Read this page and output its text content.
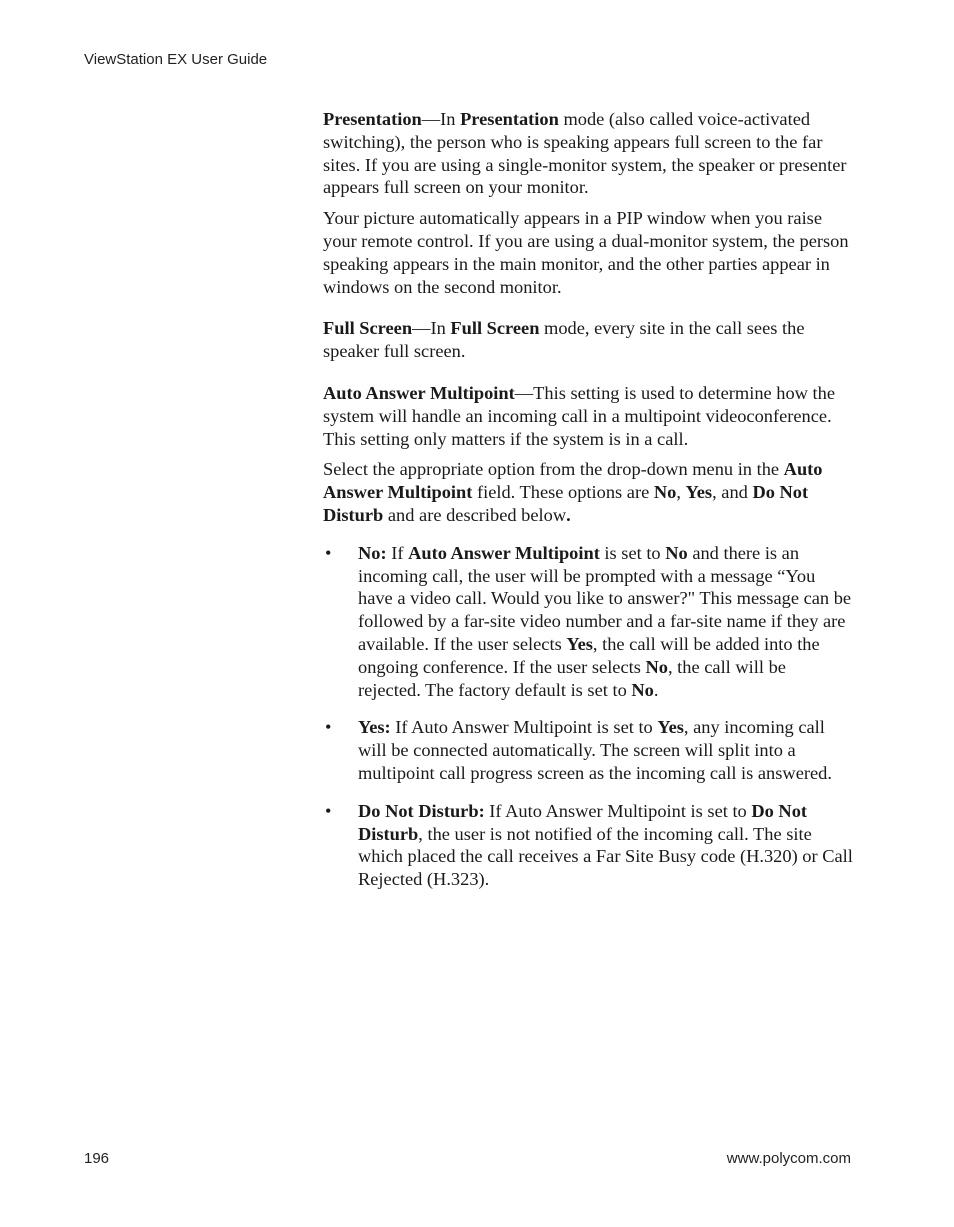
ViewStation EX User Guide

Presentation—In Presentation mode (also called voice-activated switching), the person who is speaking appears full screen to the far sites. If you are using a single-monitor system, the speaker or presenter appears full screen on your monitor.

Your picture automatically appears in a PIP window when you raise your remote control. If you are using a dual-monitor system, the person speaking appears in the main monitor, and the other parties appear in windows on the second monitor.

Full Screen—In Full Screen mode, every site in the call sees the speaker full screen.

Auto Answer Multipoint—This setting is used to determine how the system will handle an incoming call in a multipoint videoconference. This setting only matters if the system is in a call.

Select the appropriate option from the drop-down menu in the Auto Answer Multipoint field. These options are No, Yes, and Do Not Disturb and are described below.

• No: If Auto Answer Multipoint is set to No and there is an incoming call, the user will be prompted with a message “You have a video call. Would you like to answer?" This message can be followed by a far-site video number and a far-site name if they are available. If the user selects Yes, the call will be added into the ongoing conference. If the user selects No, the call will be rejected. The factory default is set to No.
• Yes: If Auto Answer Multipoint is set to Yes, any incoming call will be connected automatically. The screen will split into a multipoint call progress screen as the incoming call is answered.
• Do Not Disturb: If Auto Answer Multipoint is set to Do Not Disturb, the user is not notified of the incoming call. The site which placed the call receives a Far Site Busy code (H.320) or Call Rejected (H.323).
196	www.polycom.com
